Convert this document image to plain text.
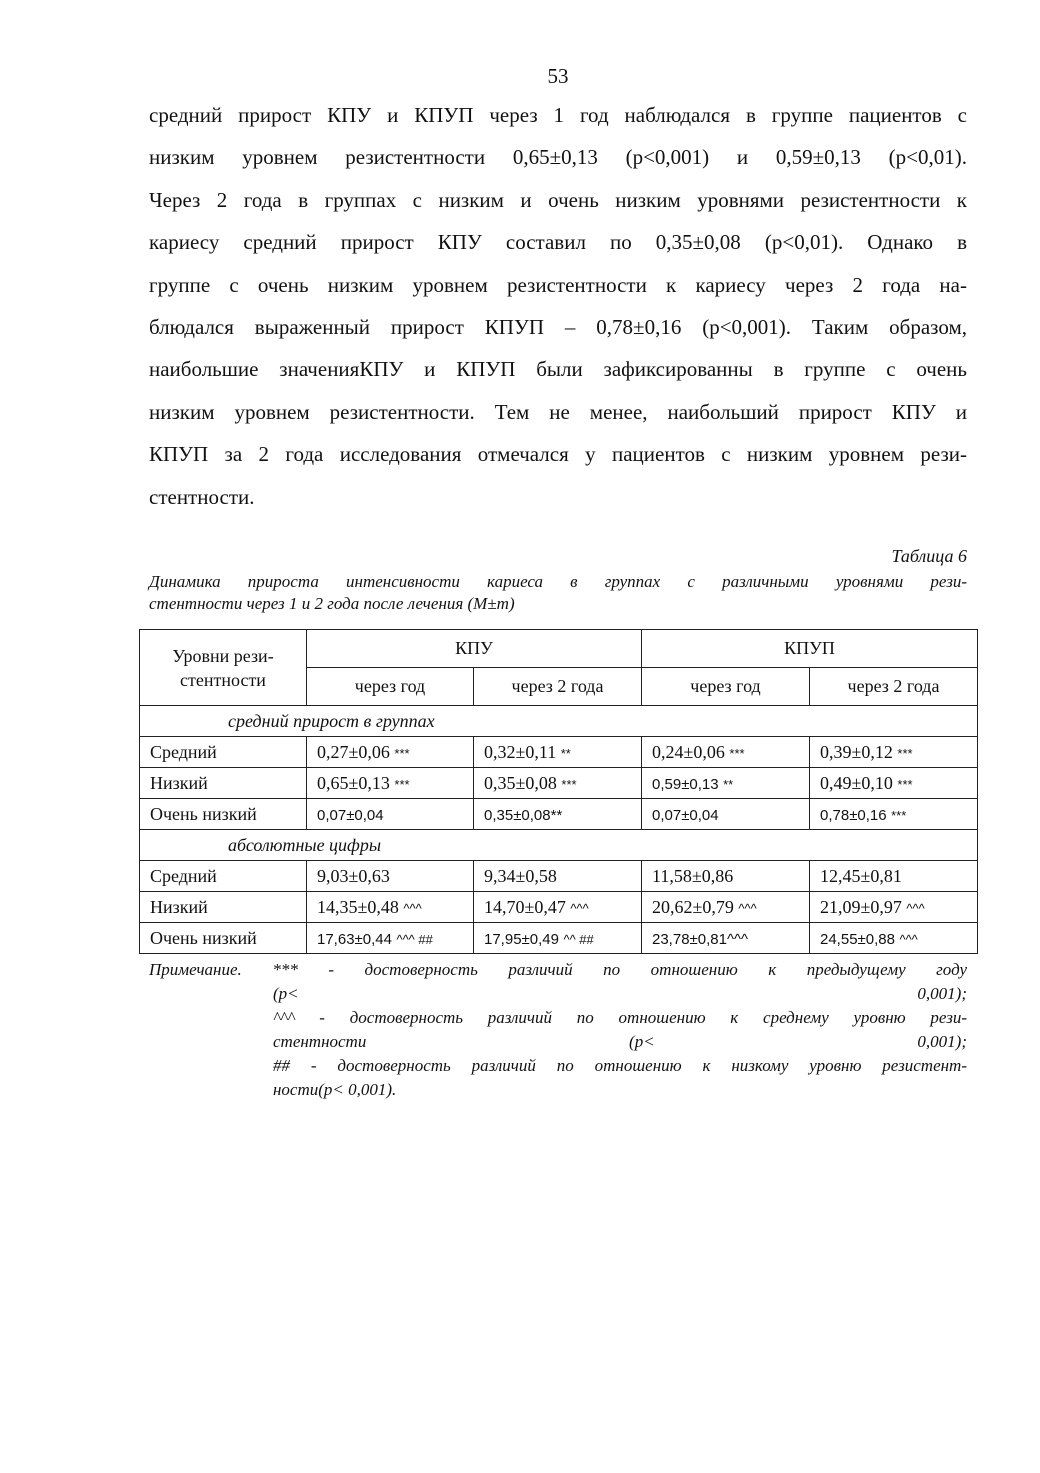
53
средний прирост КПУ и КПУП через 1 год наблюдался в группе пациентов с
низким уровнем резистентности 0,65±0,13 (p<0,001) и 0,59±0,13 (p<0,01).
Через 2 года в группах с низким и очень низким уровнями резистентности к
кариесу средний прирост КПУ составил по 0,35±0,08 (p<0,01). Однако в
группе с очень низким уровнем резистентности к кариесу через 2 года на-
блюдался выраженный прирост КПУП – 0,78±0,16 (p<0,001). Таким образом,
наибольшие значенияКПУ и КПУП были зафиксированны в группе с очень
низким уровнем резистентности. Тем не менее, наибольший прирост КПУ и
КПУП за 2 года исследования отмечался у пациентов с низким уровнем рези-
стентности.
Таблица 6
Динамика прироста интенсивности кариеса в группах с различными уровнями рези-
стентности через 1 и 2 года после лечения (M±m)
Уровни рези-
стентности	КПУ		КПУП	
	через год	через 2 года	через год	через 2 года
средний прирост в группах				
Средний	0,27±0,06 ***	0,32±0,11 **	0,24±0,06 ***	0,39±0,12 ***
Низкий	0,65±0,13 ***	0,35±0,08 ***	0,59±0,13 **	0,49±0,10 ***
Очень низкий	0,07±0,04	0,35±0,08**	0,07±0,04	0,78±0,16 ***
абсолютные цифры				
Средний	9,03±0,63	9,34±0,58	11,58±0,86	12,45±0,81
Низкий	14,35±0,48 ^^^	14,70±0,47 ^^^	20,62±0,79 ^^^	21,09±0,97 ^^^
Очень низкий	17,63±0,44 ^^^ ##	17,95±0,49 ^^ ##	23,78±0,81^^^	24,55±0,88 ^^^
Примечание. *** - достоверность различий по отношению к предыдущему году
(p< 0,001);
^^^ - достоверность различий по отношению к среднему уровню рези-
стентности (p< 0,001);
## - достоверность различий по отношению к низкому уровню резистент-
ности(p< 0,001).
